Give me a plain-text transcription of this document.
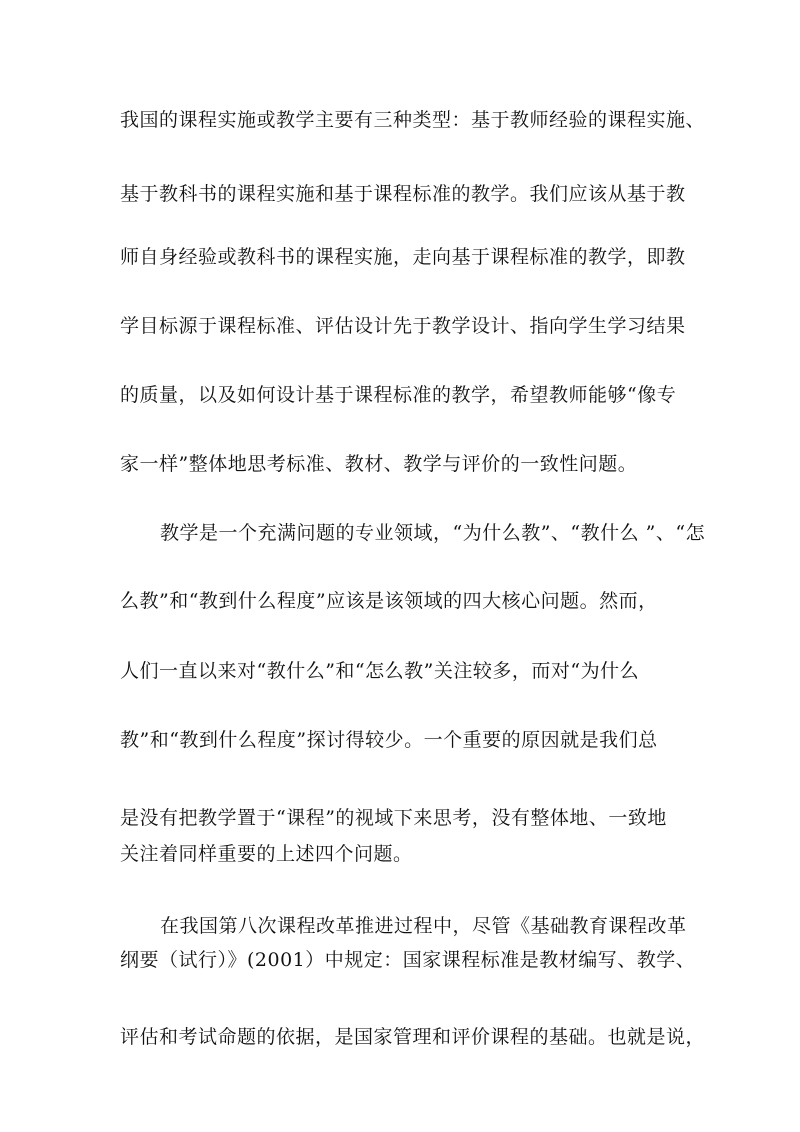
我国的课程实施或教学主要有三种类型：基于教师经验的课程实施、
基于教科书的课程实施和基于课程标准的教学。我们应该从基于教
师自身经验或教科书的课程实施，走向基于课程标准的教学，即教
学目标源于课程标准、评估设计先于教学设计、指向学生学习结果
的质量，以及如何设计基于课程标准的教学，希望教师能够“像专
家一样”整体地思考标准、教材、教学与评价的一致性问题。
教学是一个充满问题的专业领域，“为什么教”、“教什么 ”、“怎
么教”和“教到什么程度”应该是该领域的四大核心问题。然而，
人们一直以来对“教什么”和“怎么教”关注较多，而对“为什么
教”和“教到什么程度”探讨得较少。一个重要的原因就是我们总
是没有把教学置于“课程”的视域下来思考，没有整体地、一致地
关注着同样重要的上述四个问题。
在我国第八次课程改革推进过程中，尽管《基础教育课程改革
纲要（试行）》(2001）中规定：国家课程标准是教材编写、教学、
评估和考试命题的依据，是国家管理和评价课程的基础。也就是说，
